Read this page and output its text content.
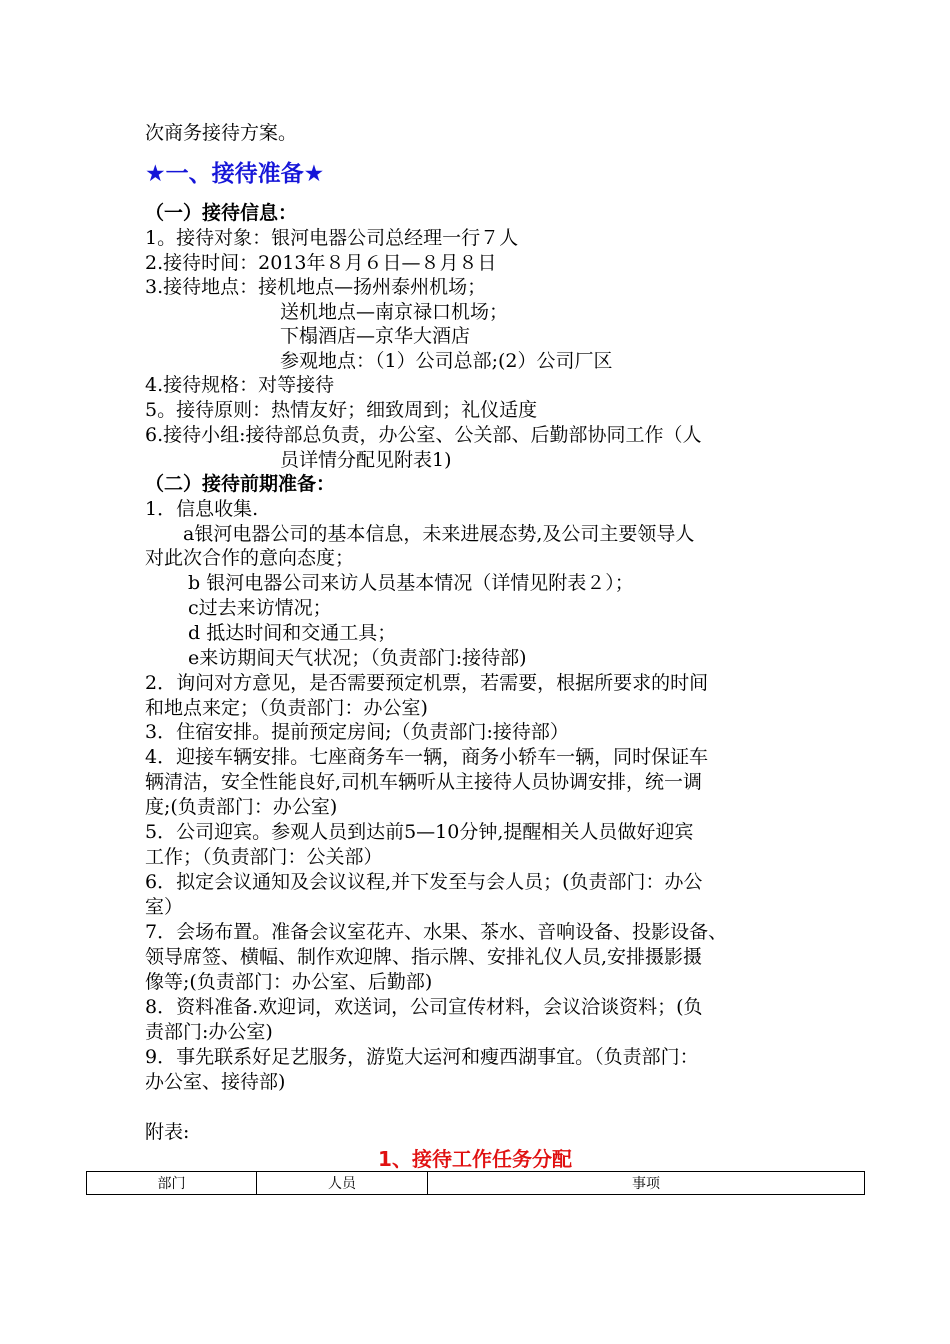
次商务接待方案。
★一、接待准备★
（一）接待信息：
1。接待对象：银河电器公司总经理一行７人
2.接待时间：2013年８月６日—８月８日
3.接待地点：接机地点—扬州泰州机场；
送机地点—南京禄口机场；
下榻酒店—京华大酒店
参观地点：（1）公司总部;(2）公司厂区
4.接待规格：对等接待
5。接待原则：热情友好；细致周到；礼仪适度
6.接待小组:接待部总负责，办公室、公关部、后勤部协同工作（人
员详情分配见附表1)
（二）接待前期准备：
1．信息收集.
　　a银河电器公司的基本信息，未来进展态势,及公司主要领导人
对此次合作的意向态度；
b 银河电器公司来访人员基本情况（详情见附表２）；
c过去来访情况；
d 抵达时间和交通工具；
e来访期间天气状况；（负责部门:接待部)
2．询问对方意见，是否需要预定机票，若需要，根据所要求的时间
和地点来定；（负责部门：办公室)
3．住宿安排。提前预定房间;（负责部门:接待部）
4．迎接车辆安排。七座商务车一辆，商务小轿车一辆，同时保证车
辆清洁，安全性能良好,司机车辆听从主接待人员协调安排，统一调
度;(负责部门：办公室)
5．公司迎宾。参观人员到达前5—10分钟,提醒相关人员做好迎宾
工作；（负责部门：公关部）
6．拟定会议通知及会议议程,并下发至与会人员；(负责部门：办公
室）
7．会场布置。准备会议室花卉、水果、茶水、音响设备、投影设备、
领导席签、横幅、制作欢迎牌、指示牌、安排礼仪人员,安排摄影摄
像等;(负责部门：办公室、后勤部)
8．资料准备.欢迎词，欢送词，公司宣传材料，会议洽谈资料；(负
责部门:办公室)
9．事先联系好足艺服务，游览大运河和瘦西湖事宜。（负责部门：
办公室、接待部)
附表:
1、接待工作任务分配
部门	人员	事项
